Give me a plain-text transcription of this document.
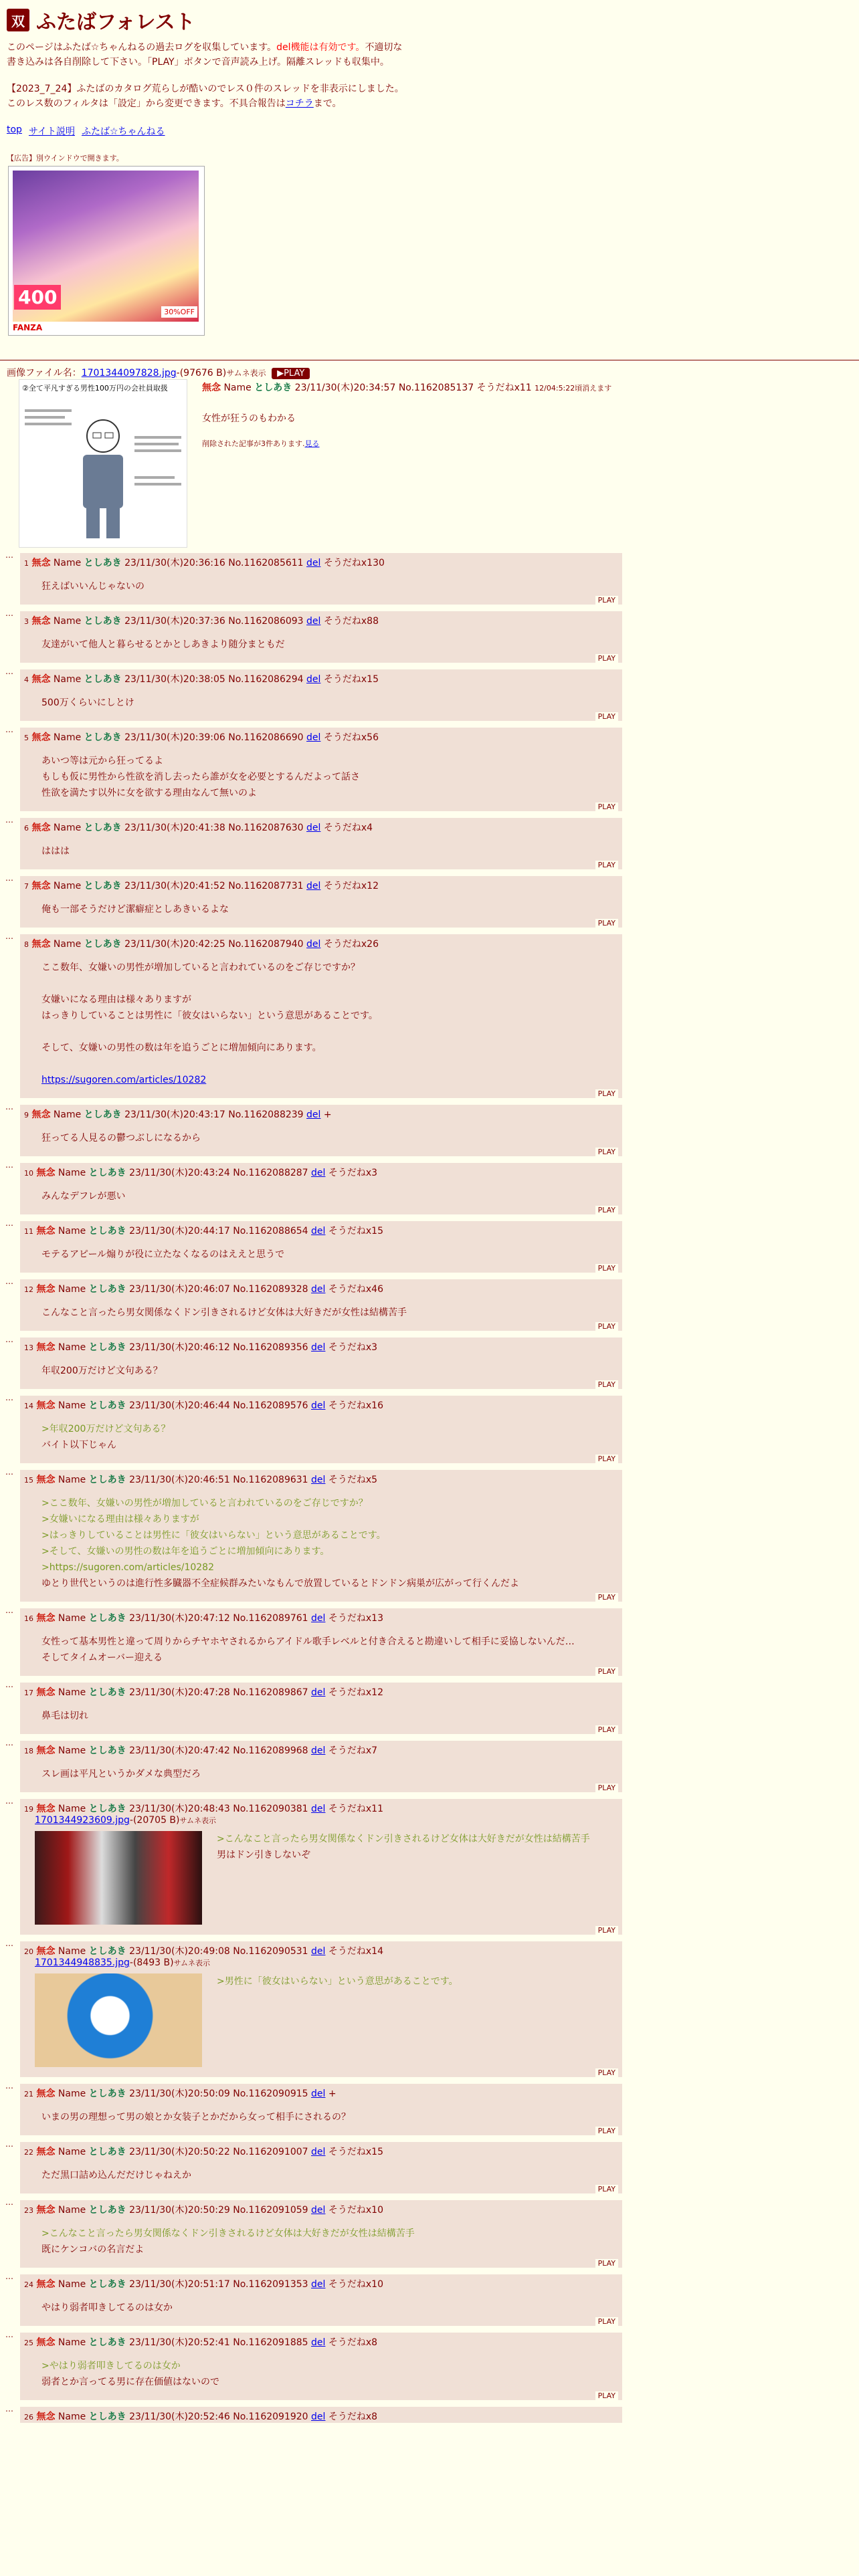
双 ふたばフォレスト
このページはふたば☆ちゃんねるの過去ログを収集しています。del機能は有効です。不適切な書き込みは各自削除して下さい。「PLAY」ボタンで音声読み上げ。隔離スレッドも収集中。
【2023_7_24】ふたばのカタログ荒らしが酷いのでレス０件のスレッドを非表示にしました。このレス数のフィルタは「設定」から変更できます。不具合報告はコチラまで。
top サイト説明 ふたば☆ちゃんねる
【広告】別ウインドウで開きます。
400
30%OFF
FANZA
画像ファイル名：1701344097828.jpg-(97676 B)サムネ表示 ▶PLAY
②全て平凡すぎる男性100万円の会社員取扱	無念 Name としあき 23/11/30(木)20:34:57 No.1162085137 そうだねx11 12/04:5:22頃消えます
女性が狂うのもわかる
削除された記事が3件あります.見る
…
1 無念 Name としあき 23/11/30(木)20:36:16 No.1162085611 del そうだねx130
狂えばいいんじゃないの
PLAY
…
3 無念 Name としあき 23/11/30(木)20:37:36 No.1162086093 del そうだねx88
友達がいて他人と暮らせるとかとしあきより随分まともだ
PLAY
…
4 無念 Name としあき 23/11/30(木)20:38:05 No.1162086294 del そうだねx15
500万くらいにしとけ
PLAY
…
5 無念 Name としあき 23/11/30(木)20:39:06 No.1162086690 del そうだねx56
あいつ等は元から狂ってるよ
もしも仮に男性から性欲を消し去ったら誰が女を必要とするんだよって話さ
性欲を満たす以外に女を欲する理由なんて無いのよ
PLAY
…
6 無念 Name としあき 23/11/30(木)20:41:38 No.1162087630 del そうだねx4
ははは
PLAY
…
7 無念 Name としあき 23/11/30(木)20:41:52 No.1162087731 del そうだねx12
俺も一部そうだけど潔癖症としあきいるよな
PLAY
…
8 無念 Name としあき 23/11/30(木)20:42:25 No.1162087940 del そうだねx26
ここ数年、女嫌いの男性が増加していると言われているのをご存じですか？

女嫌いになる理由は様々ありますが
はっきりしていることは男性に「彼女はいらない」という意思があることです。

そして、女嫌いの男性の数は年を追うごとに増加傾向にあります。

https://sugoren.com/articles/10282
PLAY
…
9 無念 Name としあき 23/11/30(木)20:43:17 No.1162088239 del +
狂ってる人見るの鬱つぶしになるから
PLAY
…
10 無念 Name としあき 23/11/30(木)20:43:24 No.1162088287 del そうだねx3
みんなデフレが悪い
PLAY
…
11 無念 Name としあき 23/11/30(木)20:44:17 No.1162088654 del そうだねx15
モテるアピール煽りが役に立たなくなるのはええと思うで
PLAY
…
12 無念 Name としあき 23/11/30(木)20:46:07 No.1162089328 del そうだねx46
こんなこと言ったら男女関係なくドン引きされるけど女体は大好きだが女性は結構苦手
PLAY
…
13 無念 Name としあき 23/11/30(木)20:46:12 No.1162089356 del そうだねx3
年収200万だけど文句ある？
PLAY
…
14 無念 Name としあき 23/11/30(木)20:46:44 No.1162089576 del そうだねx16
>年収200万だけど文句ある？
バイト以下じゃん
PLAY
…
15 無念 Name としあき 23/11/30(木)20:46:51 No.1162089631 del そうだねx5
>ここ数年、女嫌いの男性が増加していると言われているのをご存じですか？
>女嫌いになる理由は様々ありますが
>はっきりしていることは男性に「彼女はいらない」という意思があることです。
>そして、女嫌いの男性の数は年を追うごとに増加傾向にあります。
>https://sugoren.com/articles/10282
ゆとり世代というのは進行性多臓器不全症候群みたいなもんで放置しているとドンドン病巣が広がって行くんだよ
PLAY
…
16 無念 Name としあき 23/11/30(木)20:47:12 No.1162089761 del そうだねx13
女性って基本男性と違って周りからチヤホヤされるからアイドル歌手レベルと付き合えると勘違いして相手に妥協しないんだ…
そしてタイムオーバー迎える
PLAY
…
17 無念 Name としあき 23/11/30(木)20:47:28 No.1162089867 del そうだねx12
鼻毛は切れ
PLAY
…
18 無念 Name としあき 23/11/30(木)20:47:42 No.1162089968 del そうだねx7
スレ画は平凡というかダメな典型だろ
PLAY
…
19 無念 Name としあき 23/11/30(木)20:48:43 No.1162090381 del そうだねx11
1701344923609.jpg-(20705 B)サムネ表示
>こんなこと言ったら男女関係なくドン引きされるけど女体は大好きだが女性は結構苦手
男はドン引きしないぞ
PLAY
…
20 無念 Name としあき 23/11/30(木)20:49:08 No.1162090531 del そうだねx14
1701344948835.jpg-(8493 B)サムネ表示
>男性に「彼女はいらない」という意思があることです。
PLAY
…
21 無念 Name としあき 23/11/30(木)20:50:09 No.1162090915 del +
いまの男の理想って男の娘とか女装子とかだから女って相手にされるの？
PLAY
…
22 無念 Name としあき 23/11/30(木)20:50:22 No.1162091007 del そうだねx15
ただ黒口詰め込んだだけじゃねえか
PLAY
…
23 無念 Name としあき 23/11/30(木)20:50:29 No.1162091059 del そうだねx10
>こんなこと言ったら男女関係なくドン引きされるけど女体は大好きだが女性は結構苦手
既にケンコバの名言だよ
PLAY
…
24 無念 Name としあき 23/11/30(木)20:51:17 No.1162091353 del そうだねx10
やはり弱者叩きしてるのは女か
PLAY
…
25 無念 Name としあき 23/11/30(木)20:52:41 No.1162091885 del そうだねx8
>やはり弱者叩きしてるのは女か
弱者とか言ってる男に存在価値はないので
PLAY
…
26 無念 Name としあき 23/11/30(木)20:52:46 No.1162091920 del そうだねx8
